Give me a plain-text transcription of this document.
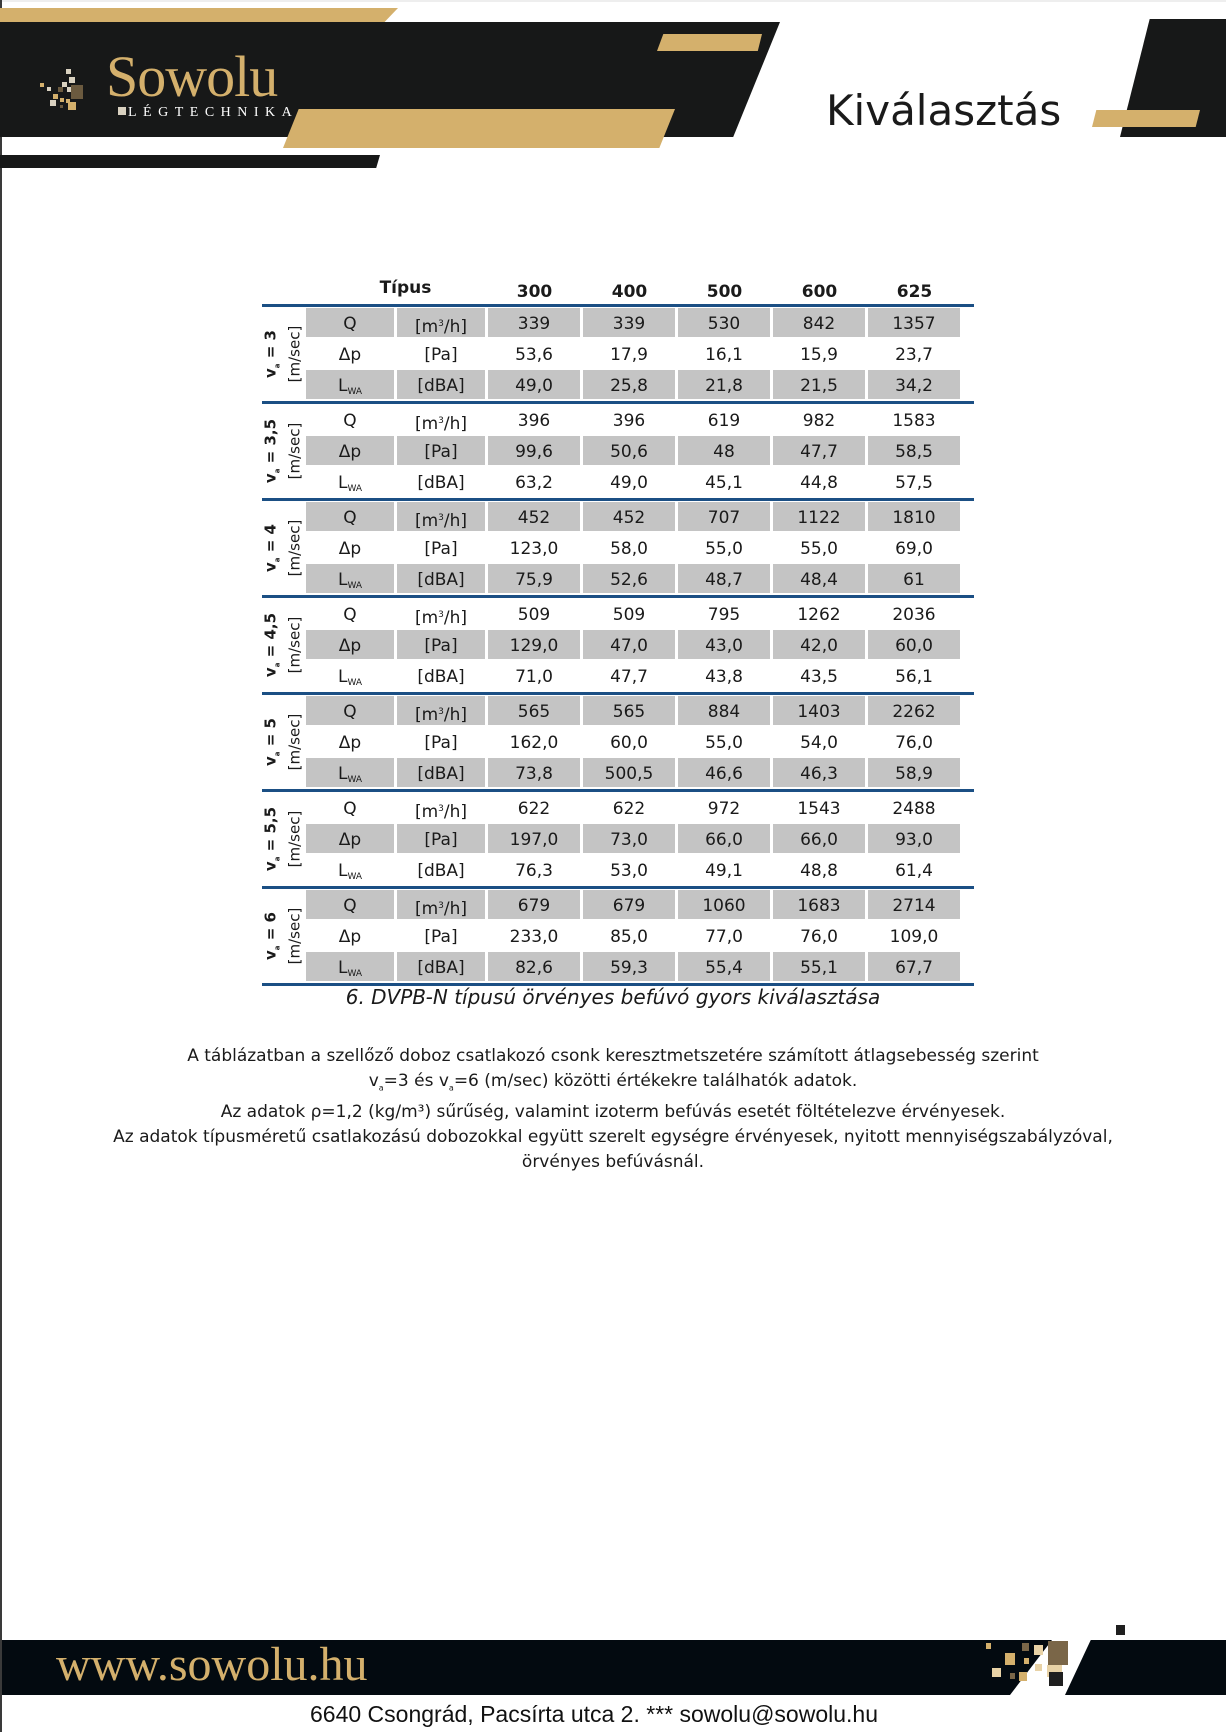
Sowolu
LÉGTECHNIKA	Kiválasztás
Típus	300	400	500	600	625
$v_a = 3$ [m/sec]
Q	$[m^3/h]$	339	339	530	842	1357
Δp	[Pa]	53,6	17,9	16,1	15,9	23,7
$L_{WA}$	[dBA]	49,0	25,8	21,8	21,5	34,2
$v_a = 3,5$ [m/sec]
Q	$[m^3/h]$	396	396	619	982	1583
Δp	[Pa]	99,6	50,6	48	47,7	58,5
$L_{WA}$	[dBA]	63,2	49,0	45,1	44,8	57,5
$v_a = 4$ [m/sec]
Q	$[m^3/h]$	452	452	707	1122	1810
Δp	[Pa]	123,0	58,0	55,0	55,0	69,0
$L_{WA}$	[dBA]	75,9	52,6	48,7	48,4	61
$v_a = 4,5$ [m/sec]
Q	$[m^3/h]$	509	509	795	1262	2036
Δp	[Pa]	129,0	47,0	43,0	42,0	60,0
$L_{WA}$	[dBA]	71,0	47,7	43,8	43,5	56,1
$v_a = 5$ [m/sec]
Q	$[m^3/h]$	565	565	884	1403	2262
Δp	[Pa]	162,0	60,0	55,0	54,0	76,0
$L_{WA}$	[dBA]	73,8	500,5	46,6	46,3	58,9
$v_a = 5,5$ [m/sec]
Q	$[m^3/h]$	622	622	972	1543	2488
Δp	[Pa]	197,0	73,0	66,0	66,0	93,0
$L_{WA}$	[dBA]	76,3	53,0	49,1	48,8	61,4
$v_a = 6$ [m/sec]
Q	$[m^3/h]$	679	679	1060	1683	2714
Δp	[Pa]	233,0	85,0	77,0	76,0	109,0
$L_{WA}$	[dBA]	82,6	59,3	55,4	55,1	67,7
6. DVPB-N típusú örvényes befúvó gyors kiválasztása

A táblázatban a szellőző doboz csatlakozó csonk keresztmetszetére számított átlagsebesség szerint

$v_a=3$ és $v_a=6$ (m/sec) közötti értékekre találhatók adatok.

Az adatok ρ=1,2 (kg/m³) sűrűség, valamint izoterm befúvás esetét föltételezve érvényesek.

Az adatok típusméretű csatlakozású dobozokkal együtt szerelt egységre érvényesek, nyitott mennyiségszabályzóval,

örvényes befúvásnál.

www.sowolu.hu
6640 Csongrád, Pacsírta utca 2. *** sowolu@sowolu.hu
